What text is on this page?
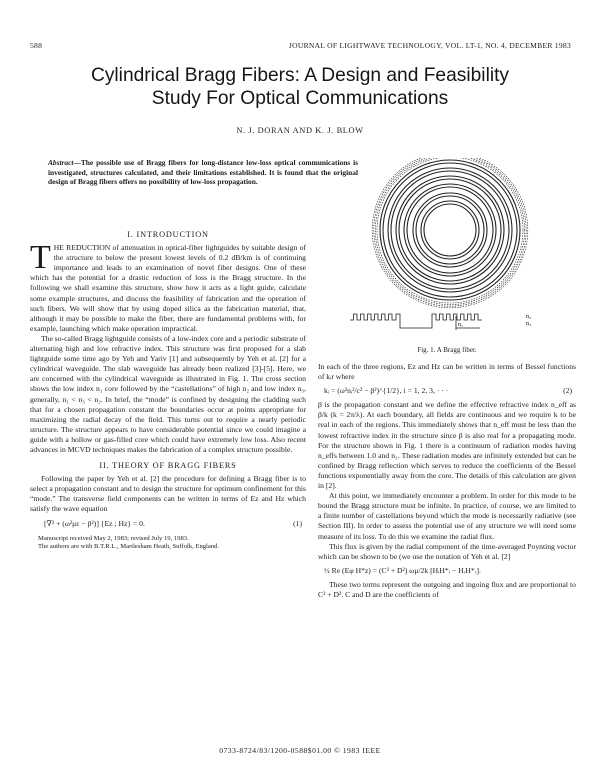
588	JOURNAL OF LIGHTWAVE TECHNOLOGY, VOL. LT-1, NO. 4, DECEMBER 1983
Cylindrical Bragg Fibers: A Design and Feasibility
Study For Optical Communications
N. J. DORAN AND K. J. BLOW
Abstract—The possible use of Bragg fibers for long-distance low-loss optical communications is investigated, structures calculated, and their limitations established. It is found that the original design of Bragg fibers offers no possibility of low-loss propagation.
n₂
n₃
n₁
Fig. 1. A Bragg fiber.
I. INTRODUCTION

THE REDUCTION of attenuation in optical-fiber lightguides by suitable design of the structure to below the present lowest levels of 0.2 dB/km is of continuing importance and leads to an examination of novel fiber designs. One of these which has the potential for a drastic reduction of loss is the Bragg structure. In the following we shall examine this structure, show how it acts as a light guide, calculate some example structures, and discuss the feasibility of fabrication and the operation of such fibers. We will show that by using doped silica as the fabrication material, that, although it may be possible to make the fiber, there are fundamental problems with, for example, launching which make operation impractical.

The so-called Bragg lightguide consists of a low-index core and a periodic substrate of alternating high and low refractive index. This structure was first proposed for a slab lightguide some time ago by Yeh and Yariv [1] and subsequently by Yeh et al. [2] for a cylindrical waveguide. The slab waveguide has already been realized [3]-[5]. Here, we are concerned with the cylindrical waveguide as illustrated in Fig. 1. The cross section shows the low index n₁ core followed by the “castellations” of high n₂ and low index n₃, generally, n₁ < n₃ < n₂. In brief, the “mode” is confined by designing the cladding such that for a chosen propagation constant the boundaries occur at points appropriate for maximizing the radial decay of the field. This turns out to require a nearly periodic structure. The structure appears to have considerable potential since we could imagine a guide with a hollow or gas-filled core which could have extremely low loss. Also recent advances in MCVD techniques makes the fabrication of a complex structure possible.

II. THEORY OF BRAGG FIBERS

Following the paper by Yeh et al. [2] the procedure for defining a Bragg fiber is to select a propagation constant and to design the structure for optimum confinement for this “mode.” The transverse field components can be written in terms of Ez and Hz which satisfy the wave equation

[∇² + (ω²με − β²)] {Ez ; Hz} = 0.	(1)
Manuscript received May 2, 1983; revised July 19, 1983.
The authors are with B.T.R.L., Martlesham Heath, Suffolk, England.

In each of the three regions, Ez and Hz can be written in terms of Bessel functions of kᵢr where

kᵢ = (ω²nᵢ²/c² − β²)^{1/2}, i = 1, 2, 3, · · ·	(2)

β is the propagation constant and we define the effective refractive index n_eff as β/k (k = 2π/λ). At each boundary, all fields are continuous and we require k to be real in each of the regions. This immediately shows that n_eff must be less than the lowest refractive index in the structure since β is also real for a propagating mode. For the structure shown in Fig. 1 there is a continuum of radiation modes having n_effs between 1.0 and n₁. These radiation modes are infinitely extended but can be confined by Bragg reflection which serves to reduce the coefficients of the Bessel functions exponentially away from the core. The details of this calculation are given in [2].

At this point, we immediately encounter a problem. In order for this mode to be bound the Bragg structure must be infinite. In practice, of course, we are limited to a finite number of castellations beyond which the mode is necessarily radiative (see Section III). In order to assess the potential use of any structure we will need some measure of its loss. To do this we examine the radial flux.

This flux is given by the radial component of the time-averaged Poynting vector which can be shown to be (we use the notation of Yeh et al. [2]

½ Re (Eφ H*z) = (C² + D²) ωμ/2k [HᵢH*ᵢ − HᵣH*ᵣ].

These two terms represent the outgoing and ingoing flux and are proportional to C² + D². C and D are the coefficients of

0733-8724/83/1200-0588$01.00 © 1983 IEEE
